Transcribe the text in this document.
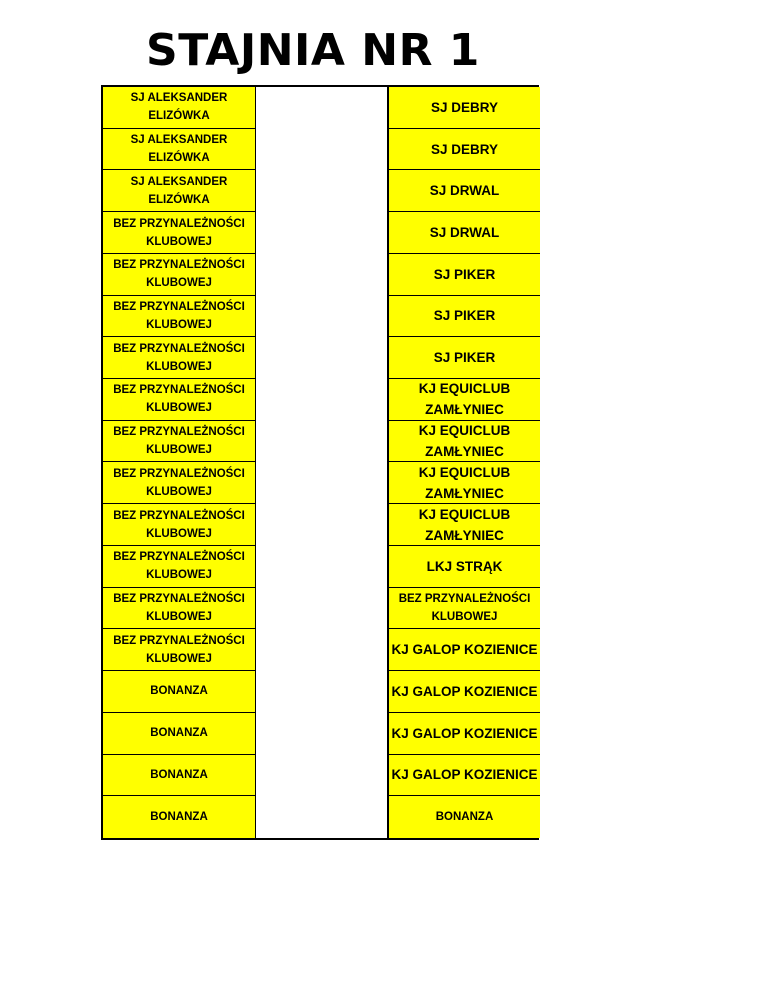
STAJNIA NR 1
SJ ALEKSANDER ELIZÓWKA
SJ ALEKSANDER ELIZÓWKA
SJ ALEKSANDER ELIZÓWKA
BEZ PRZYNALEŻNOŚCI KLUBOWEJ
BEZ PRZYNALEŻNOŚCI KLUBOWEJ
BEZ PRZYNALEŻNOŚCI KLUBOWEJ
BEZ PRZYNALEŻNOŚCI KLUBOWEJ
BEZ PRZYNALEŻNOŚCI KLUBOWEJ
BEZ PRZYNALEŻNOŚCI KLUBOWEJ
BEZ PRZYNALEŻNOŚCI KLUBOWEJ
BEZ PRZYNALEŻNOŚCI KLUBOWEJ
BEZ PRZYNALEŻNOŚCI KLUBOWEJ
BEZ PRZYNALEŻNOŚCI KLUBOWEJ
BEZ PRZYNALEŻNOŚCI KLUBOWEJ
BONANZA
BONANZA
BONANZA
BONANZA
SJ DEBRY
SJ DEBRY
SJ DRWAL
SJ DRWAL
SJ PIKER
SJ PIKER
SJ PIKER
KJ EQUICLUB ZAMŁYNIEC
KJ EQUICLUB ZAMŁYNIEC
KJ EQUICLUB ZAMŁYNIEC
KJ EQUICLUB ZAMŁYNIEC
LKJ STRĄK
BEZ PRZYNALEŻNOŚCI KLUBOWEJ
KJ GALOP KOZIENICE
KJ GALOP KOZIENICE
KJ GALOP KOZIENICE
KJ GALOP KOZIENICE
BONANZA
